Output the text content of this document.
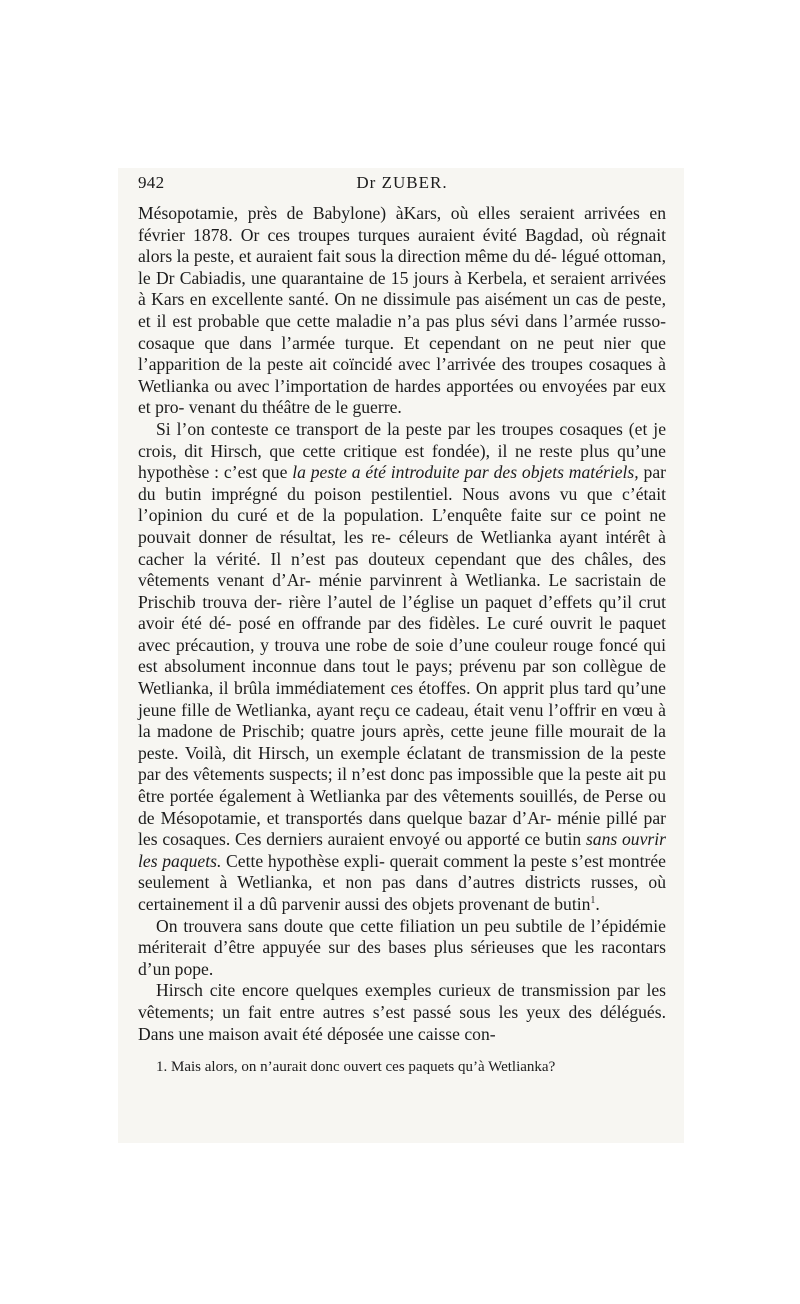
942	Dr ZUBER.

Mésopotamie, près de Babylone) àKars, où elles seraient arrivées en février 1878. Or ces troupes turques auraient évité Bagdad, où régnait alors la peste, et auraient fait sous la direction même du dé- légué ottoman, le Dr Cabiadis, une quarantaine de 15 jours à Kerbela, et seraient arrivées à Kars en excellente santé. On ne dissimule pas aisément un cas de peste, et il est probable que cette maladie n’a pas plus sévi dans l’armée russo-cosaque que dans l’armée turque. Et cependant on ne peut nier que l’apparition de la peste ait coïncidé avec l’arrivée des troupes cosaques à Wetlianka ou avec l’importation de hardes apportées ou envoyées par eux et pro- venant du théâtre de le guerre.

Si l’on conteste ce transport de la peste par les troupes cosaques (et je crois, dit Hirsch, que cette critique est fondée), il ne reste plus qu’une hypothèse : c’est que la peste a été introduite par des objets matériels, par du butin imprégné du poison pestilentiel. Nous avons vu que c’était l’opinion du curé et de la population. L’enquête faite sur ce point ne pouvait donner de résultat, les re- céleurs de Wetlianka ayant intérêt à cacher la vérité. Il n’est pas douteux cependant que des châles, des vêtements venant d’Ar- ménie parvinrent à Wetlianka. Le sacristain de Prischib trouva der- rière l’autel de l’église un paquet d’effets qu’il crut avoir été dé- posé en offrande par des fidèles. Le curé ouvrit le paquet avec précaution, y trouva une robe de soie d’une couleur rouge foncé qui est absolument inconnue dans tout le pays; prévenu par son collègue de Wetlianka, il brûla immédiatement ces étoffes. On apprit plus tard qu’une jeune fille de Wetlianka, ayant reçu ce cadeau, était venu l’offrir en vœu à la madone de Prischib; quatre jours après, cette jeune fille mourait de la peste. Voilà, dit Hirsch, un exemple éclatant de transmission de la peste par des vêtements suspects; il n’est donc pas impossible que la peste ait pu être portée également à Wetlianka par des vêtements souillés, de Perse ou de Mésopotamie, et transportés dans quelque bazar d’Ar- ménie pillé par les cosaques. Ces derniers auraient envoyé ou apporté ce butin sans ouvrir les paquets. Cette hypothèse expli- querait comment la peste s’est montrée seulement à Wetlianka, et non pas dans d’autres districts russes, où certainement il a dû parvenir aussi des objets provenant de butin$^1$.

On trouvera sans doute que cette filiation un peu subtile de l’épidémie mériterait d’être appuyée sur des bases plus sérieuses que les racontars d’un pope.

Hirsch cite encore quelques exemples curieux de transmission par les vêtements; un fait entre autres s’est passé sous les yeux des délégués. Dans une maison avait été déposée une caisse con-

1. Mais alors, on n’aurait donc ouvert ces paquets qu’à Wetlianka?
